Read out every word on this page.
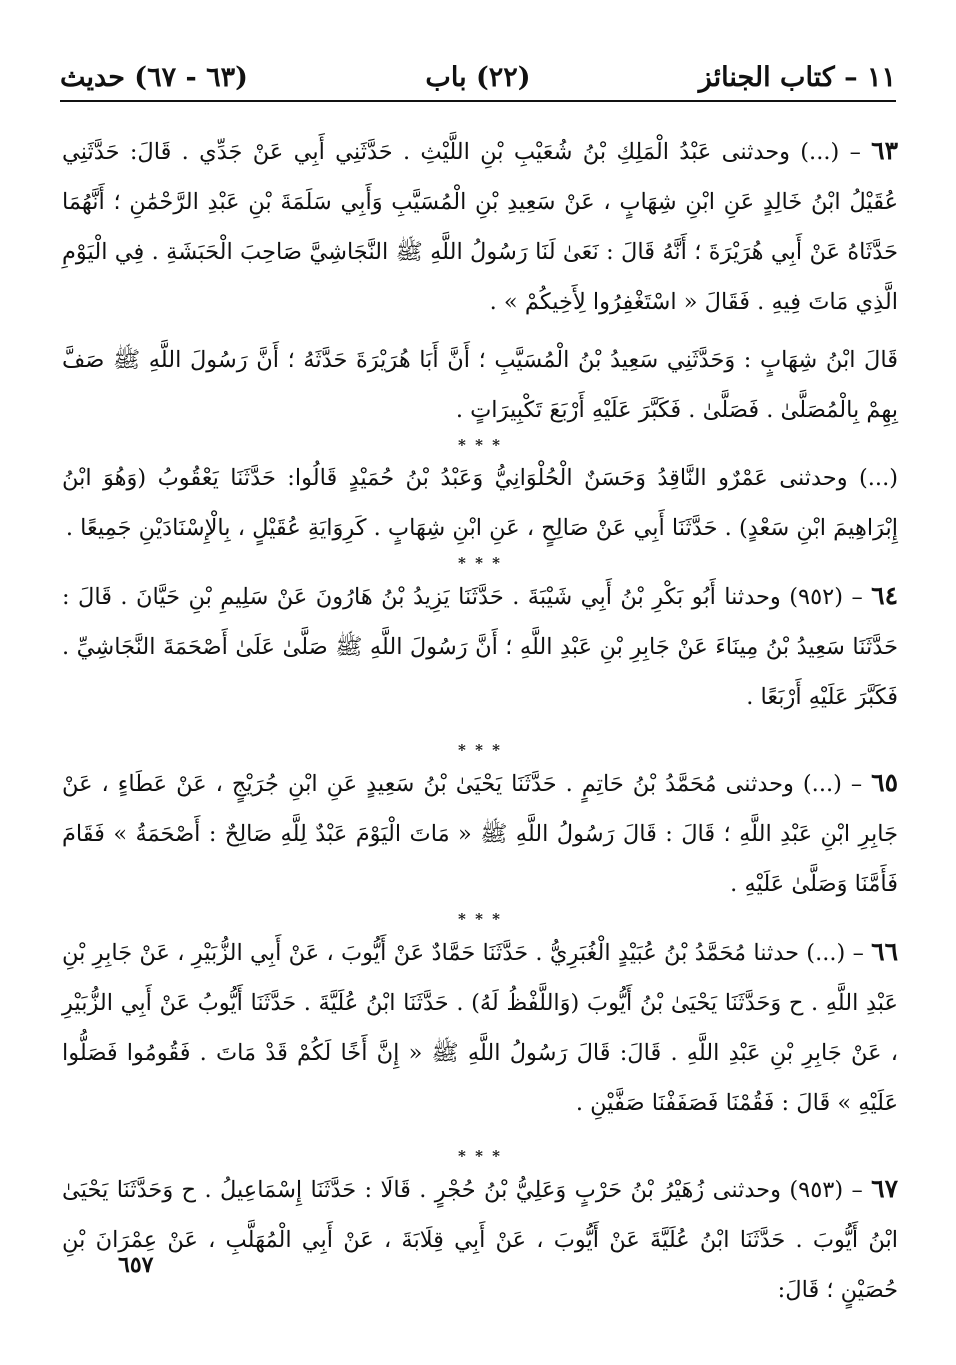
١١ – كتاب الجنائز
(٢٢) باب
(٦٣ - ٦٧) حديث

٦٣ – (...) وحدثنى عَبْدُ الْمَلِكِ بْنُ شُعَيْبِ بْنِ اللَّيْثِ . حَدَّثَنِي أَبِي عَنْ جَدِّي . قَالَ: حَدَّثَنِي عُقَيْلُ ابْنُ خَالِدٍ عَنِ ابْنِ شِهَابٍ ، عَنْ سَعِيدِ بْنِ الْمُسَيَّبِ وَأَبِي سَلَمَةَ بْنِ عَبْدِ الرَّحْمَٰنِ ؛ أَنَّهُمَا حَدَّثَاهُ عَنْ أَبِي هُرَيْرَةَ ؛ أَنَّهُ قَالَ : نَعَىٰ لَنَا رَسُولُ اللَّهِ ﷺ النَّجَاشِيَّ صَاحِبَ الْحَبَشَةِ . فِي الْيَوْمِ الَّذِي مَاتَ فِيهِ . فَقَالَ « اسْتَغْفِرُوا لِأَخِيكُمْ » .

قَالَ ابْنُ شِهَابٍ : وَحَدَّثَنِي سَعِيدُ بْنُ الْمُسَيَّبِ ؛ أَنَّ أَبَا هُرَيْرَةَ حَدَّثَهُ ؛ أَنَّ رَسُولَ اللَّهِ ﷺ صَفَّ بِهِمْ بِالْمُصَلَّىٰ . فَصَلَّىٰ . فَكَبَّرَ عَلَيْهِ أَرْبَعَ تَكْبِيرَاتٍ .

* * *

(...) وحدثنى عَمْرٌو النَّاقِدُ وَحَسَنٌ الْحُلْوَانِيُّ وَعَبْدُ بْنُ حُمَيْدٍ قَالُوا: حَدَّثَنَا يَعْقُوبُ (وَهُوَ ابْنُ إِبْرَاهِيمَ ابْنِ سَعْدٍ) . حَدَّثَنَا أَبِي عَنْ صَالِحٍ ، عَنِ ابْنِ شِهَابٍ . كَرِوَايَةِ عُقَيْلٍ ، بِالْإِسْنَادَيْنِ جَمِيعًا .

* * *

٦٤ – (٩٥٢) وحدثنا أَبُو بَكْرِ بْنُ أَبِي شَيْبَةَ . حَدَّثَنَا يَزِيدُ بْنُ هَارُونَ عَنْ سَلِيمِ بْنِ حَيَّانَ . قَالَ : حَدَّثَنَا سَعِيدُ بْنُ مِينَاءَ عَنْ جَابِرِ بْنِ عَبْدِ اللَّهِ ؛ أَنَّ رَسُولَ اللَّهِ ﷺ صَلَّىٰ عَلَىٰ أَصْحَمَةَ النَّجَاشِيِّ . فَكَبَّرَ عَلَيْهِ أَرْبَعًا .

* * *

٦٥ – (...) وحدثنى مُحَمَّدُ بْنُ حَاتِمٍ . حَدَّثَنَا يَحْيَىٰ بْنُ سَعِيدٍ عَنِ ابْنِ جُرَيْجٍ ، عَنْ عَطَاءٍ ، عَنْ جَابِرِ ابْنِ عَبْدِ اللَّهِ ؛ قَالَ : قَالَ رَسُولُ اللَّهِ ﷺ « مَاتَ الْيَوْمَ عَبْدٌ لِلَّهِ صَالِحٌ : أَصْحَمَةُ » فَقَامَ فَأَمَّنَا وَصَلَّىٰ عَلَيْهِ .

* * *

٦٦ – (...) حدثنا مُحَمَّدُ بْنُ عُبَيْدٍ الْغُبَرِيُّ . حَدَّثَنَا حَمَّادٌ عَنْ أَيُّوبَ ، عَنْ أَبِي الزُّبَيْرِ ، عَنْ جَابِرِ بْنِ عَبْدِ اللَّهِ . ح وَحَدَّثَنَا يَحْيَىٰ بْنُ أَيُّوبَ (وَاللَّفْظُ لَهُ) . حَدَّثَنَا ابْنُ عُلَيَّةَ . حَدَّثَنَا أَيُّوبُ عَنْ أَبِي الزُّبَيْرِ ، عَنْ جَابِرِ بْنِ عَبْدِ اللَّهِ . قَالَ: قَالَ رَسُولُ اللَّهِ ﷺ « إِنَّ أَخًا لَكُمْ قَدْ مَاتَ . فَقُومُوا فَصَلُّوا عَلَيْهِ » قَالَ : فَقُمْنَا فَصَفَفْنَا صَفَّيْنِ .

* * *

٦٧ – (٩٥٣) وحدثنى زُهَيْرُ بْنُ حَرْبٍ وَعَلِيُّ بْنُ حُجْرٍ . قَالَا : حَدَّثَنَا إِسْمَاعِيلُ . ح وَحَدَّثَنَا يَحْيَىٰ ابْنُ أَيُّوبَ . حَدَّثَنَا ابْنُ عُلَيَّةَ عَنْ أَيُّوبَ ، عَنْ أَبِي قِلَابَةَ ، عَنْ أَبِي الْمُهَلَّبِ ، عَنْ عِمْرَانَ بْنِ حُصَيْنٍ ؛ قَالَ:

٦٥٧
